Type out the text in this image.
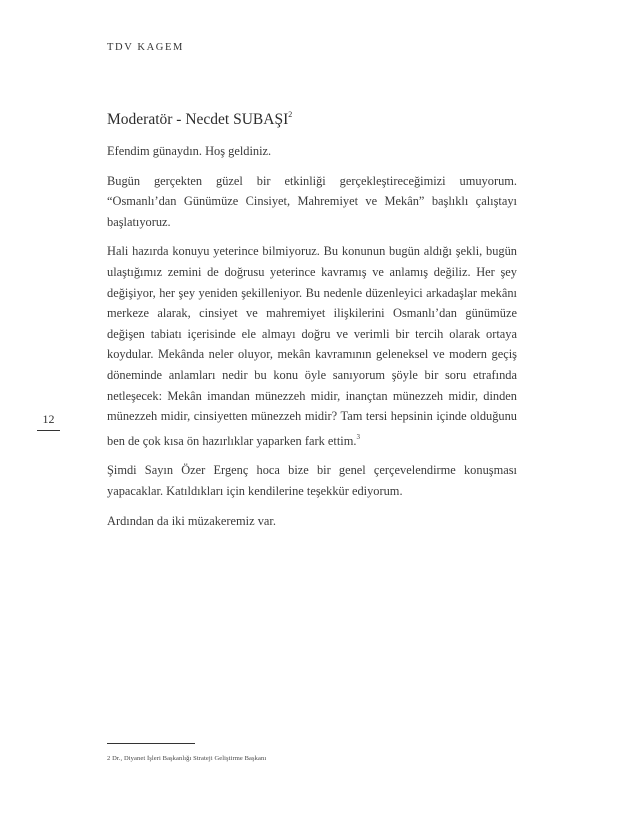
TDV KAGEM
12
Moderatör - Necdet SUBAŞI$^2$

Efendim günaydın. Hoş geldiniz.

Bugün gerçekten güzel bir etkinliği gerçekleştireceğimizi umuyorum. “Osmanlı’dan Günümüze Cinsiyet, Mahremiyet ve Mekân” başlıklı çalıştayı başlatıyoruz.

Hali hazırda konuyu yeterince bilmiyoruz. Bu konunun bugün aldığı şekli, bugün ulaştığımız zemini de doğrusu yeterince kavramış ve anlamış değiliz. Her şey değişiyor, her şey yeniden şekilleniyor. Bu nedenle düzenleyici arkadaşlar mekânı merkeze alarak, cinsiyet ve mahremiyet ilişkilerini Osmanlı’dan günümüze değişen tabiatı içerisinde ele almayı doğru ve verimli bir tercih olarak ortaya koydular. Mekânda neler oluyor, mekân kavramının geleneksel ve modern geçiş döneminde anlamları nedir bu konu öyle sanıyorum şöyle bir soru etrafında netleşecek: Mekân imandan münezzeh midir, inançtan münezzeh midir, dinden münezzeh midir, cinsiyetten münezzeh midir? Tam tersi hepsinin içinde olduğunu ben de çok kısa ön hazırlıklar yaparken fark ettim.$^3$

Şimdi Sayın Özer Ergenç hoca bize bir genel çerçevelendirme konuşması yapacaklar. Katıldıkları için kendilerine teşekkür ediyorum.

Ardından da iki müzakeremiz var.

2 Dr., Diyanet İşleri Başkanlığı Strateji Geliştirme Başkanı
